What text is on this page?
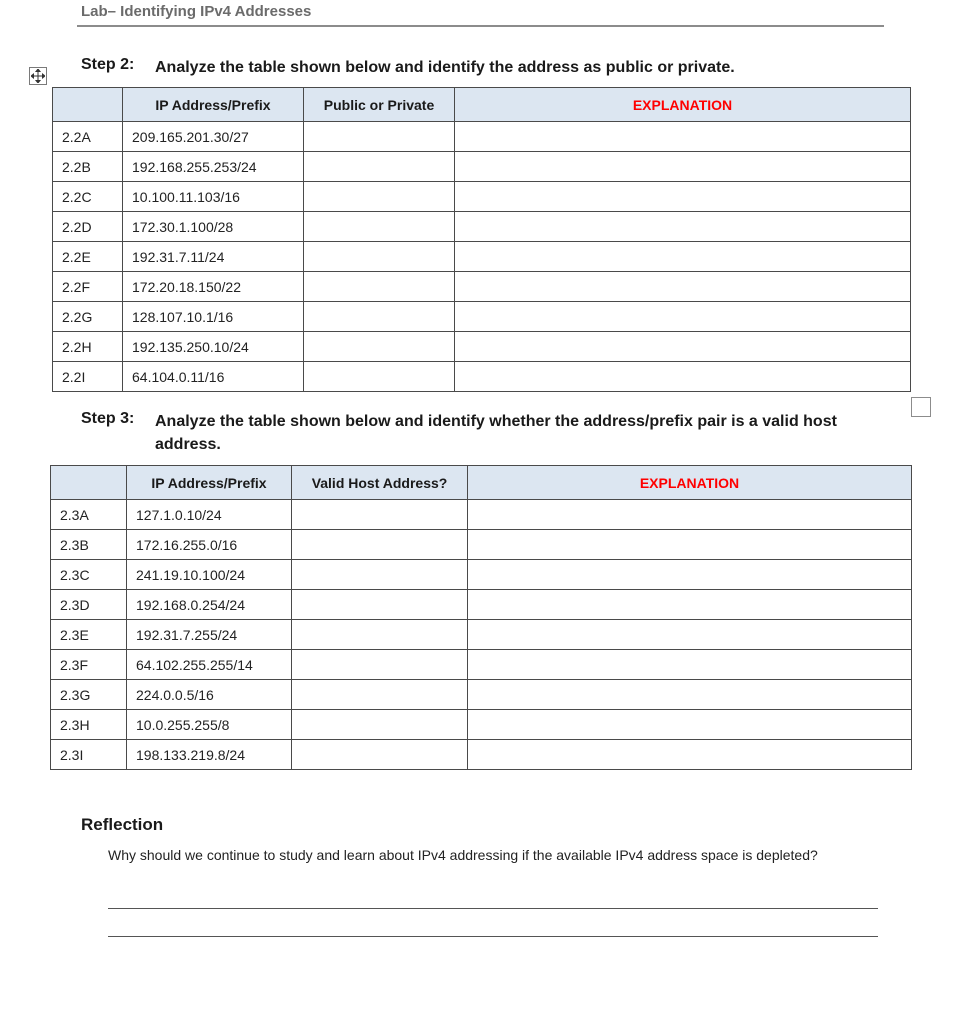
Lab– Identifying IPv4 Addresses
Step 2: Analyze the table shown below and identify the address as public or private.
	IP Address/Prefix	Public or Private	EXPLANATION
2.2A	209.165.201.30/27		
2.2B	192.168.255.253/24		
2.2C	10.100.11.103/16		
2.2D	172.30.1.100/28		
2.2E	192.31.7.11/24		
2.2F	172.20.18.150/22		
2.2G	128.107.10.1/16		
2.2H	192.135.250.10/24		
2.2I	64.104.0.11/16		
Step 3: Analyze the table shown below and identify whether the address/prefix pair is a valid host address.
	IP Address/Prefix	Valid Host Address?	EXPLANATION
2.3A	127.1.0.10/24		
2.3B	172.16.255.0/16		
2.3C	241.19.10.100/24		
2.3D	192.168.0.254/24		
2.3E	192.31.7.255/24		
2.3F	64.102.255.255/14		
2.3G	224.0.0.5/16		
2.3H	10.0.255.255/8		
2.3I	198.133.219.8/24		
Reflection
Why should we continue to study and learn about IPv4 addressing if the available IPv4 address space is depleted?
